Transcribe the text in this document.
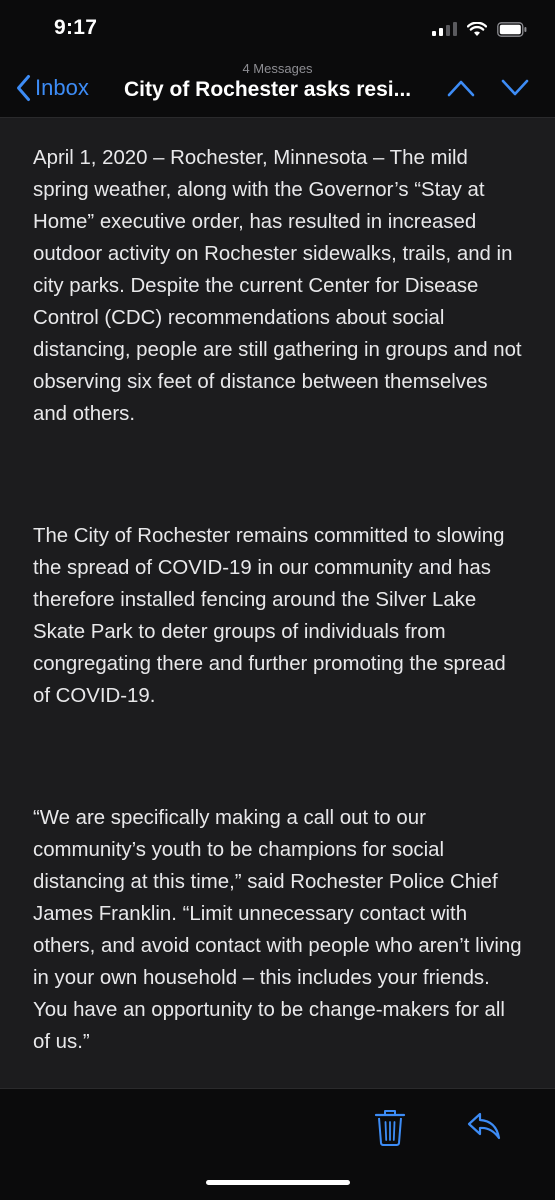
9:17
Inbox
4 Messages
City of Rochester asks resi...

April 1, 2020 – Rochester, Minnesota – The mild spring weather, along with the Governor’s “Stay at Home” executive order, has resulted in increased outdoor activity on Rochester sidewalks, trails, and in city parks. Despite the current Center for Disease Control (CDC) recommendations about social distancing, people are still gathering in groups and not observing six feet of distance between themselves and others.

The City of Rochester remains committed to slowing the spread of COVID-19 in our community and has therefore installed fencing around the Silver Lake Skate Park to deter groups of individuals from congregating there and further promoting the spread of COVID-19.

“We are specifically making a call out to our community’s youth to be champions for social distancing at this time,” said Rochester Police Chief James Franklin. “Limit unnecessary contact with others, and avoid contact with people who aren’t living in your own household – this includes your friends. You have an opportunity to be change-makers for all of us.”
